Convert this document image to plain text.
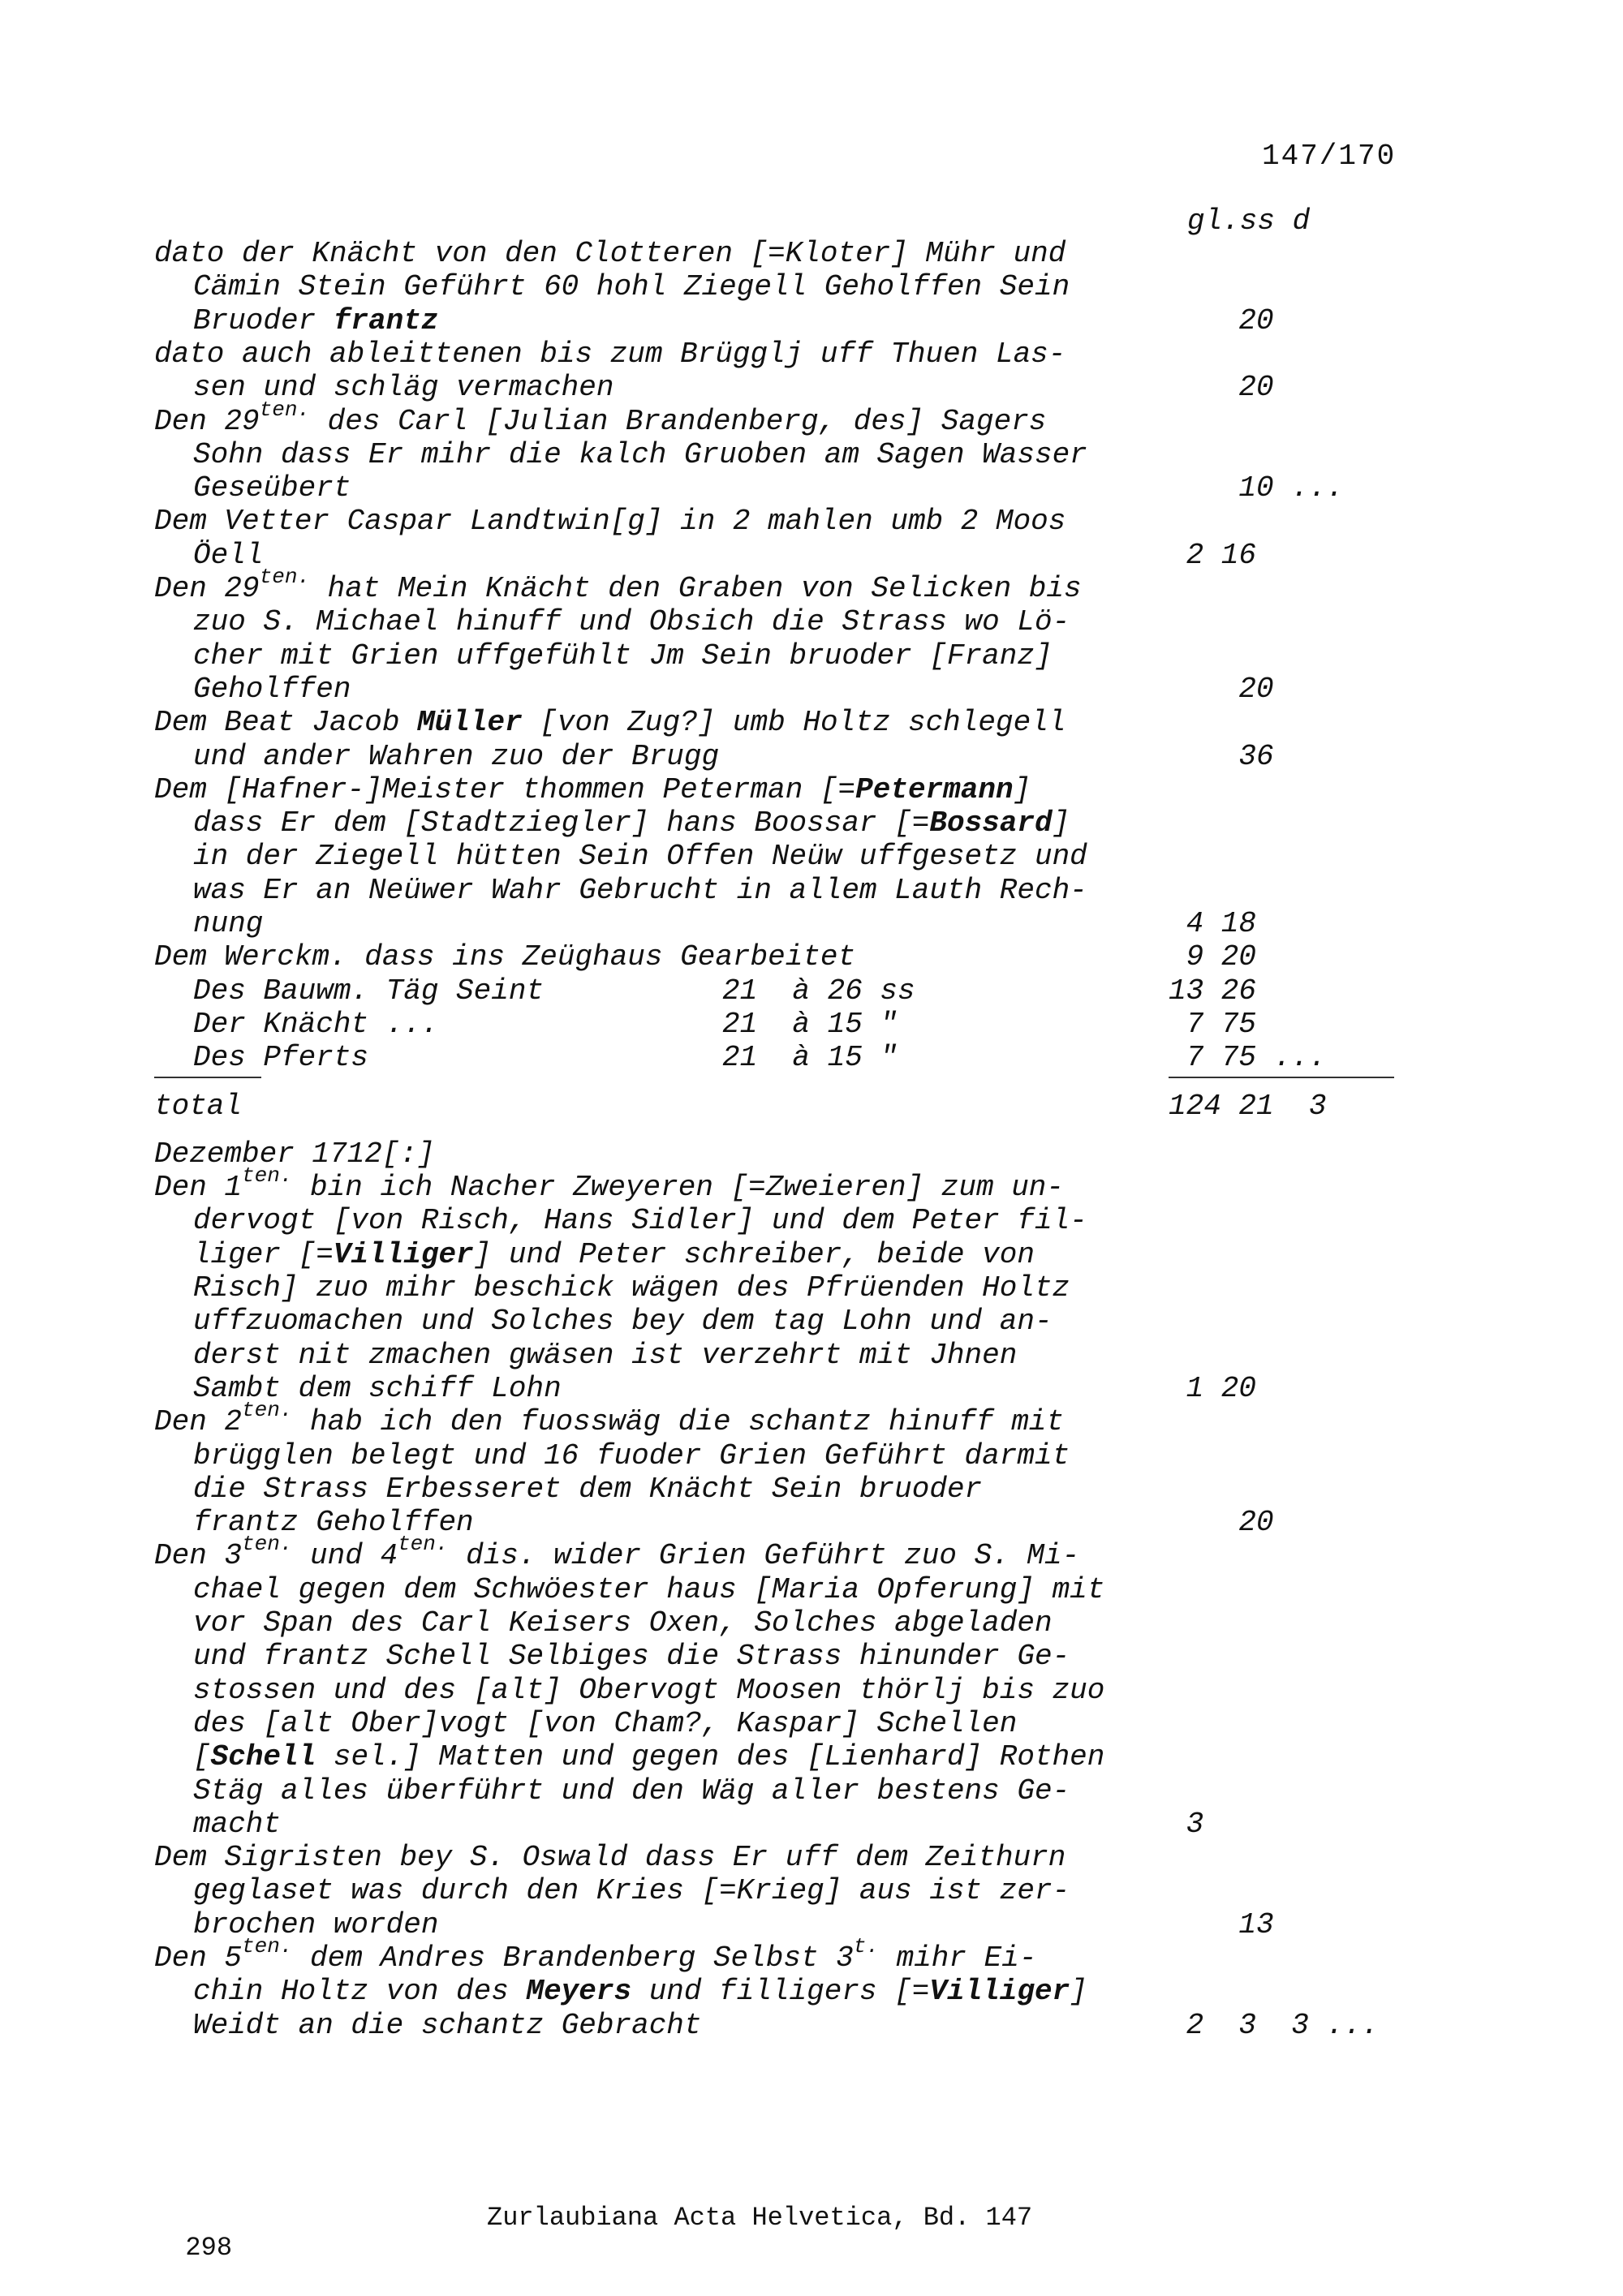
147/170
gl.ss d
dato der Knächt von den Clotteren [=Kloter] Mühr und
Cämin Stein Geführt 60 hohl Ziegell Geholffen Sein
Bruoder frantz	20
dato auch ableittenen bis zum Brügglj uff Thuen Las-
sen und schläg vermachen	20
Den $29^{ten.}$ des Carl [Julian Brandenberg, des] Sagers
Sohn dass Er mihr die kalch Gruoben am Sagen Wasser
Geseübert	10 ...
Dem Vetter Caspar Landtwin[g] in 2 mahlen umb 2 Moos
Öell	2 16
Den $29^{ten.}$ hat Mein Knächt den Graben von Selicken bis
zuo S. Michael hinuff und Obsich die Strass wo Lö-
cher mit Grien uffgefühlt Jm Sein bruoder [Franz]
Geholffen	20
Dem Beat Jacob Müller [von Zug?] umb Holtz schlegell
und ander Wahren zuo der Brugg	36
Dem [Hafner-]Meister thommen Peterman [=Petermann]
dass Er dem [Stadtziegler] hans Boossar [=Bossard]
in der Ziegell hütten Sein Offen Neüw uffgesetz und
was Er an Neüwer Wahr Gebrucht in allem Lauth Rech-
nung	4 18
Dem Werckm. dass ins Zeüghaus Gearbeitet	9 20
Des Bauwm. Täg Seint	21  à 26 ss	13 26
Der Knächt ...	21  à 15 "	7 75
Des Pferts	21  à 15 "	7 75 ...
total	124 21  3
Dezember 1712[:]
Den $1^{ten.}$ bin ich Nacher Zweyeren [=Zweieren] zum un-
dervogt [von Risch, Hans Sidler] und dem Peter fil-
liger [=Villiger] und Peter schreiber, beide von
Risch] zuo mihr beschick wägen des Pfrüenden Holtz
uffzuomachen und Solches bey dem tag Lohn und an-
derst nit zmachen gwäsen ist verzehrt mit Jhnen
Sambt dem schiff Lohn	1 20
Den $2^{ten.}$ hab ich den fuosswäg die schantz hinuff mit
brügglen belegt und 16 fuoder Grien Geführt darmit
die Strass Erbesseret dem Knächt Sein bruoder
frantz Geholffen	20
Den $3^{ten.}$ und $4^{ten.}$ dis. wider Grien Geführt zuo S. Mi-
chael gegen dem Schwöester haus [Maria Opferung] mit
vor Span des Carl Keisers Oxen, Solches abgeladen
und frantz Schell Selbiges die Strass hinunder Ge-
stossen und des [alt] Obervogt Moosen thörlj bis zuo
des [alt Ober]vogt [von Cham?, Kaspar] Schellen
[Schell sel.] Matten und gegen des [Lienhard] Rothen
Stäg alles überführt und den Wäg aller bestens Ge-
macht	3
Dem Sigristen bey S. Oswald dass Er uff dem Zeithurn
geglaset was durch den Kries [=Krieg] aus ist zer-
brochen worden	13
Den $5^{ten.}$ dem Andres Brandenberg Selbst $3^{t.}$ mihr Ei-
chin Holtz von des Meyers und filligers [=Villiger]
Weidt an die schantz Gebracht	2  3  3 ...

298

Zurlaubiana Acta Helvetica, Bd. 147
